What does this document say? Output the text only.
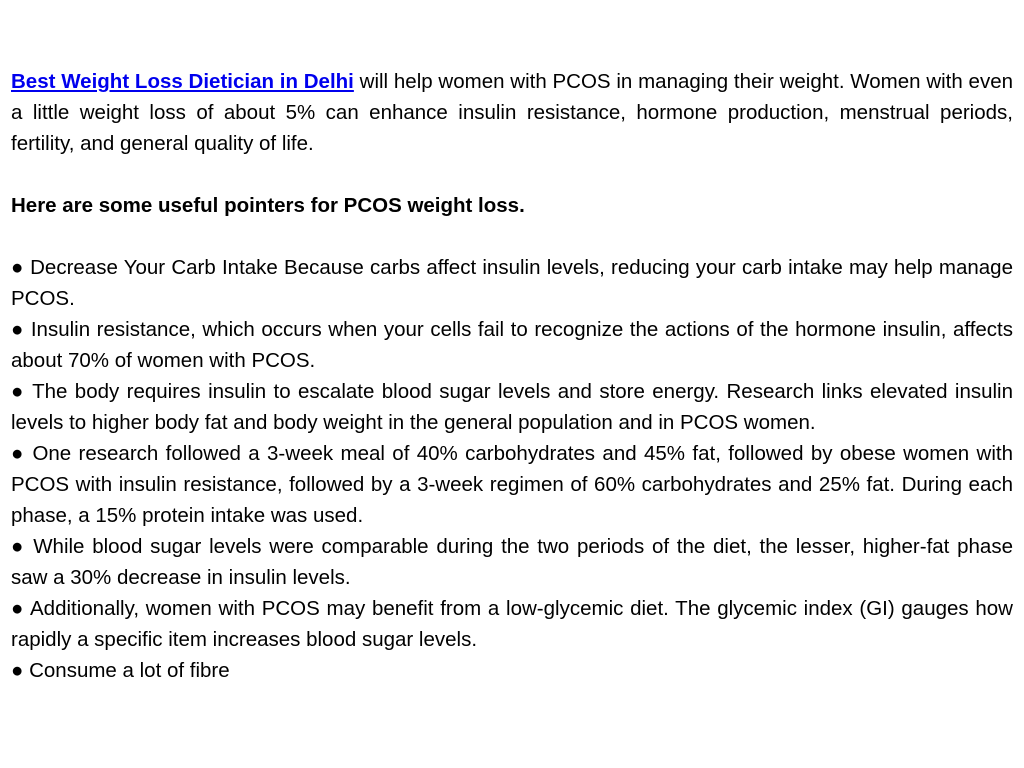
Best Weight Loss Dietician in Delhi will help women with PCOS in managing their weight. Women with even a little weight loss of about 5% can enhance insulin resistance, hormone production, menstrual periods, fertility, and general quality of life.

Here are some useful pointers for PCOS weight loss.

● Decrease Your Carb Intake Because carbs affect insulin levels, reducing your carb intake may help manage PCOS.
● Insulin resistance, which occurs when your cells fail to recognize the actions of the hormone insulin, affects about 70% of women with PCOS.
● The body requires insulin to escalate blood sugar levels and store energy. Research links elevated insulin levels to higher body fat and body weight in the general population and in PCOS women.
● One research followed a 3-week meal of 40% carbohydrates and 45% fat, followed by obese women with PCOS with insulin resistance, followed by a 3-week regimen of 60% carbohydrates and 25% fat. During each phase, a 15% protein intake was used.
● While blood sugar levels were comparable during the two periods of the diet, the lesser, higher-fat phase saw a 30% decrease in insulin levels.
● Additionally, women with PCOS may benefit from a low-glycemic diet. The glycemic index (GI) gauges how rapidly a specific item increases blood sugar levels.
● Consume a lot of fibre
